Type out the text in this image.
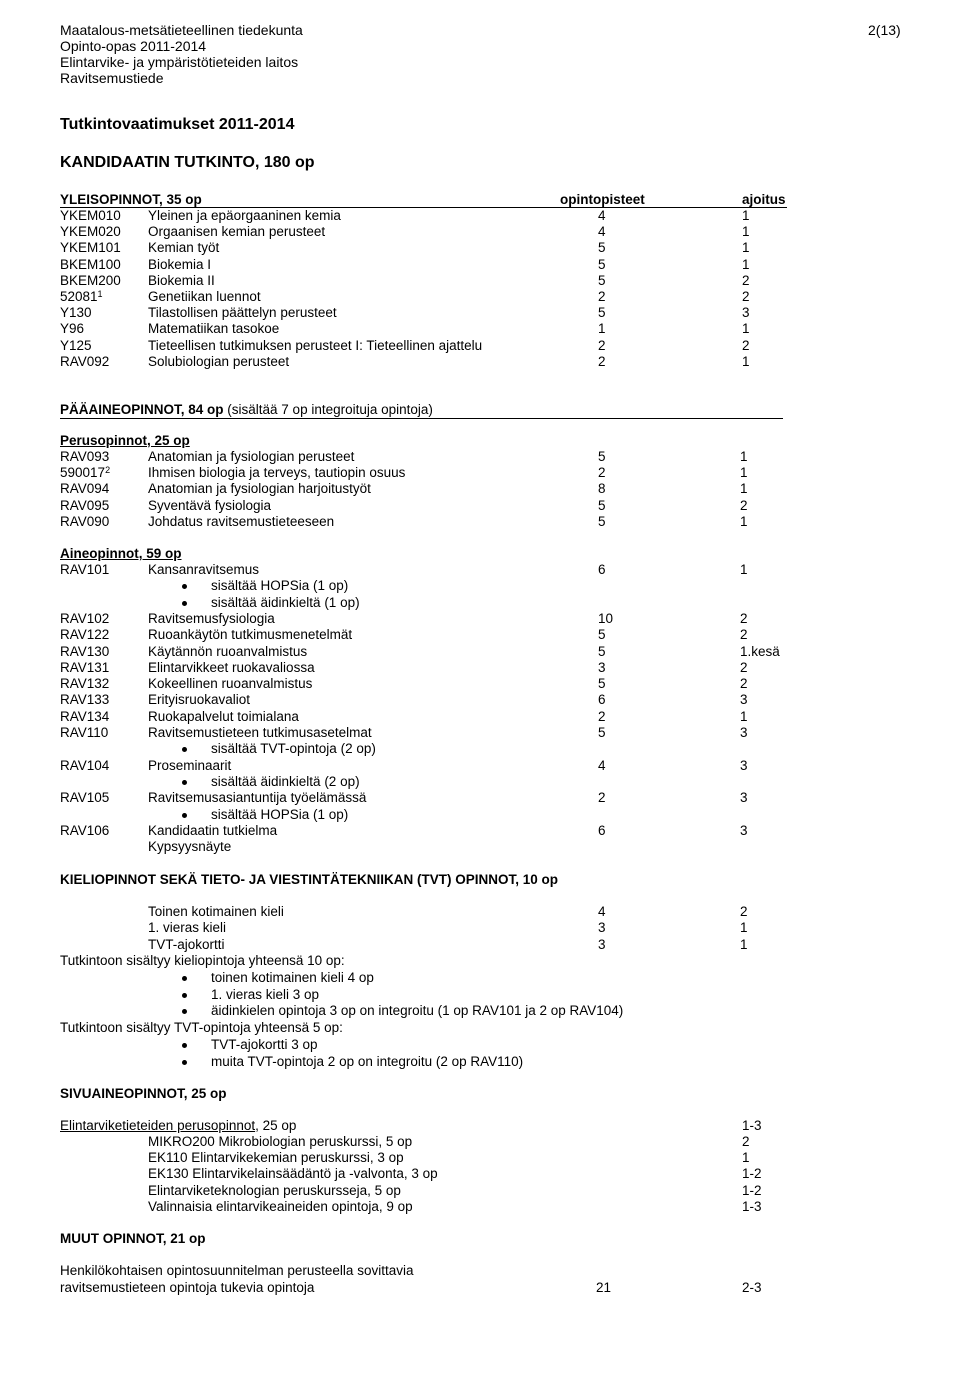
Maatalous-metsätieteellinen tiedekunta
Opinto-opas 2011-2014
Elintarvike- ja ympäristötieteiden laitos
Ravitsemustiede
2(13)
Tutkintovaatimukset 2011-2014
KANDIDAATIN TUTKINTO, 180 op
YLEISOPINNOT, 35 op	opintopisteet	ajoitus
YKEM010 Yleinen ja epäorgaaninen kemia	4	1
YKEM020 Orgaanisen kemian perusteet	4	1
YKEM101 Kemian työt	5	1
BKEM100 Biokemia I	5	1
BKEM200 Biokemia II	5	2
52081$^1$	Genetiikan luennot	2	2
Y130	Tilastollisen päättelyn perusteet	5	3
Y96	Matematiikan tasokoe	1	1
Y125	Tieteellisen tutkimuksen perusteet I: Tieteellinen ajattelu	2	2
RAV092	Solubiologian perusteet	2	1
PÄÄAINEOPINNOT, 84 op (sisältää 7 op integroituja opintoja)
Perusopinnot, 25 op
RAV093	Anatomian ja fysiologian perusteet	5	1
590017$^2$	Ihmisen biologia ja terveys, tautiopin osuus	2	1
RAV094	Anatomian ja fysiologian harjoitustyöt	8	1
RAV095	Syventävä fysiologia	5	2
RAV090	Johdatus ravitsemustieteeseen	5	1
Aineopinnot, 59 op
RAV101	Kansanravitsemus	6	1
sisältää HOPSia (1 op)
sisältää äidinkieltä (1 op)
RAV102	Ravitsemusfysiologia	10	2
RAV122	Ruoankäytön tutkimusmenetelmät	5	2
RAV130	Käytännön ruoanvalmistus	5	1.kesä
RAV131	Elintarvikkeet ruokavaliossa	3	2
RAV132	Kokeellinen ruoanvalmistus	5	2
RAV133	Erityisruokavaliot	6	3
RAV134	Ruokapalvelut toimialana	2	1
RAV110	Ravitsemustieteen tutkimusasetelmat	5	3
sisältää TVT-opintoja (2 op)
RAV104	Proseminaarit	4	3
sisältää äidinkieltä (2 op)
RAV105	Ravitsemusasiantuntija työelämässä	2	3
sisältää HOPSia (1 op)
RAV106	Kandidaatin tutkielma	6	3
Kypsyysnäyte
KIELIOPINNOT SEKÄ TIETO- JA VIESTINTÄTEKNIIKAN (TVT) OPINNOT, 10 op
Toinen kotimainen kieli	4	2
1. vieras kieli	3	1
TVT-ajokortti	3	1
Tutkintoon sisältyy kieliopintoja yhteensä 10 op:
toinen kotimainen kieli 4 op
1. vieras kieli 3 op
äidinkielen opintoja 3 op on integroitu (1 op RAV101 ja 2 op RAV104)
Tutkintoon sisältyy TVT-opintoja yhteensä 5 op:
TVT-ajokortti 3 op
muita TVT-opintoja 2 op on integroitu (2 op RAV110)
SIVUAINEOPINNOT, 25 op
Elintarviketieteiden perusopinnot, 25 op	1-3
MIKRO200 Mikrobiologian peruskurssi, 5 op	2
EK110 Elintarvikekemian peruskurssi, 3 op	1
EK130 Elintarvikelainsäädäntö ja -valvonta, 3 op	1-2
Elintarviketeknologian peruskursseja, 5 op	1-2
Valinnaisia elintarvikeaineiden opintoja, 9 op	1-3
MUUT OPINNOT, 21 op
Henkilökohtaisen opintosuunnitelman perusteella sovittavia
ravitsemustieteen opintoja tukevia opintoja	21	2-3
